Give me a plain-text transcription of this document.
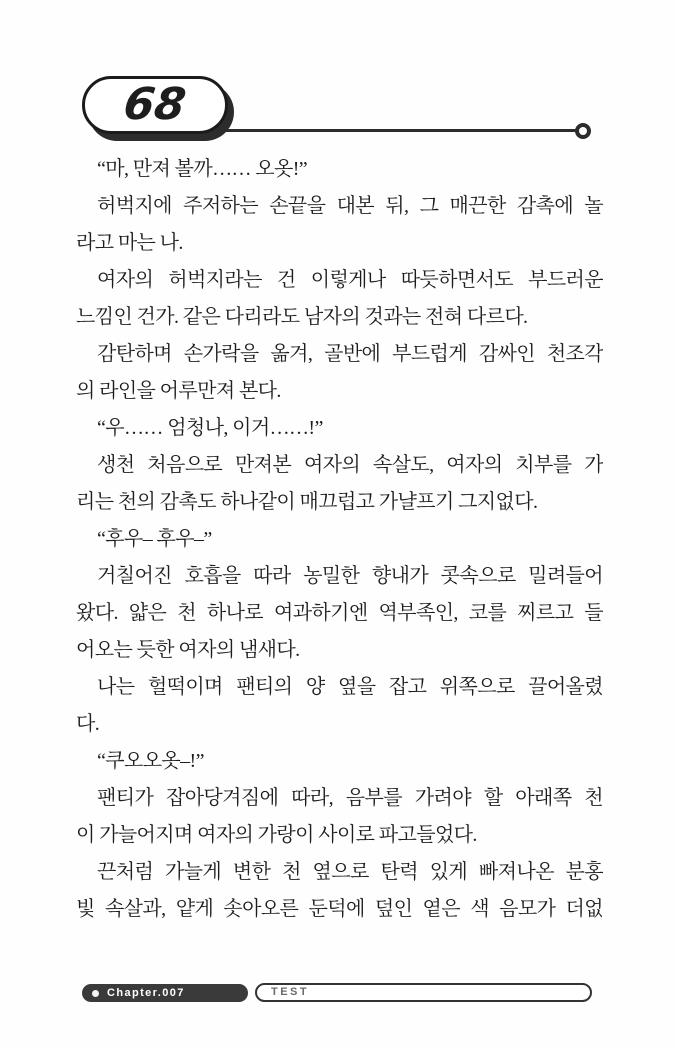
68
“마, 만져 볼까…… 오옷!”
허벅지에 주저하는 손끝을 대본 뒤, 그 매끈한 감촉에 놀
라고 마는 나.
여자의 허벅지라는 건 이렇게나 따듯하면서도 부드러운
느낌인 건가. 같은 다리라도 남자의 것과는 전혀 다르다.
감탄하며 손가락을 옮겨, 골반에 부드럽게 감싸인 천조각
의 라인을 어루만져 본다.
“우…… 엄청나, 이거……!”
생천 처음으로 만져본 여자의 속살도, 여자의 치부를 가
리는 천의 감촉도 하나같이 매끄럽고 가냘프기 그지없다.
“후우– 후우–”
거칠어진 호흡을 따라 농밀한 향내가 콧속으로 밀려들어
왔다. 얇은 천 하나로 여과하기엔 역부족인, 코를 찌르고 들
어오는 듯한 여자의 냄새다.
나는 헐떡이며 팬티의 양 옆을 잡고 위쪽으로 끌어올렸
다.
“쿠오오옷–!”
팬티가 잡아당겨짐에 따라, 음부를 가려야 할 아래쪽 천
이 가늘어지며 여자의 가랑이 사이로 파고들었다.
끈처럼 가늘게 변한 천 옆으로 탄력 있게 빠져나온 분홍
빛 속살과, 얕게 솟아오른 둔덕에 덮인 옅은 색 음모가 더없
Chapter.007	TEST
